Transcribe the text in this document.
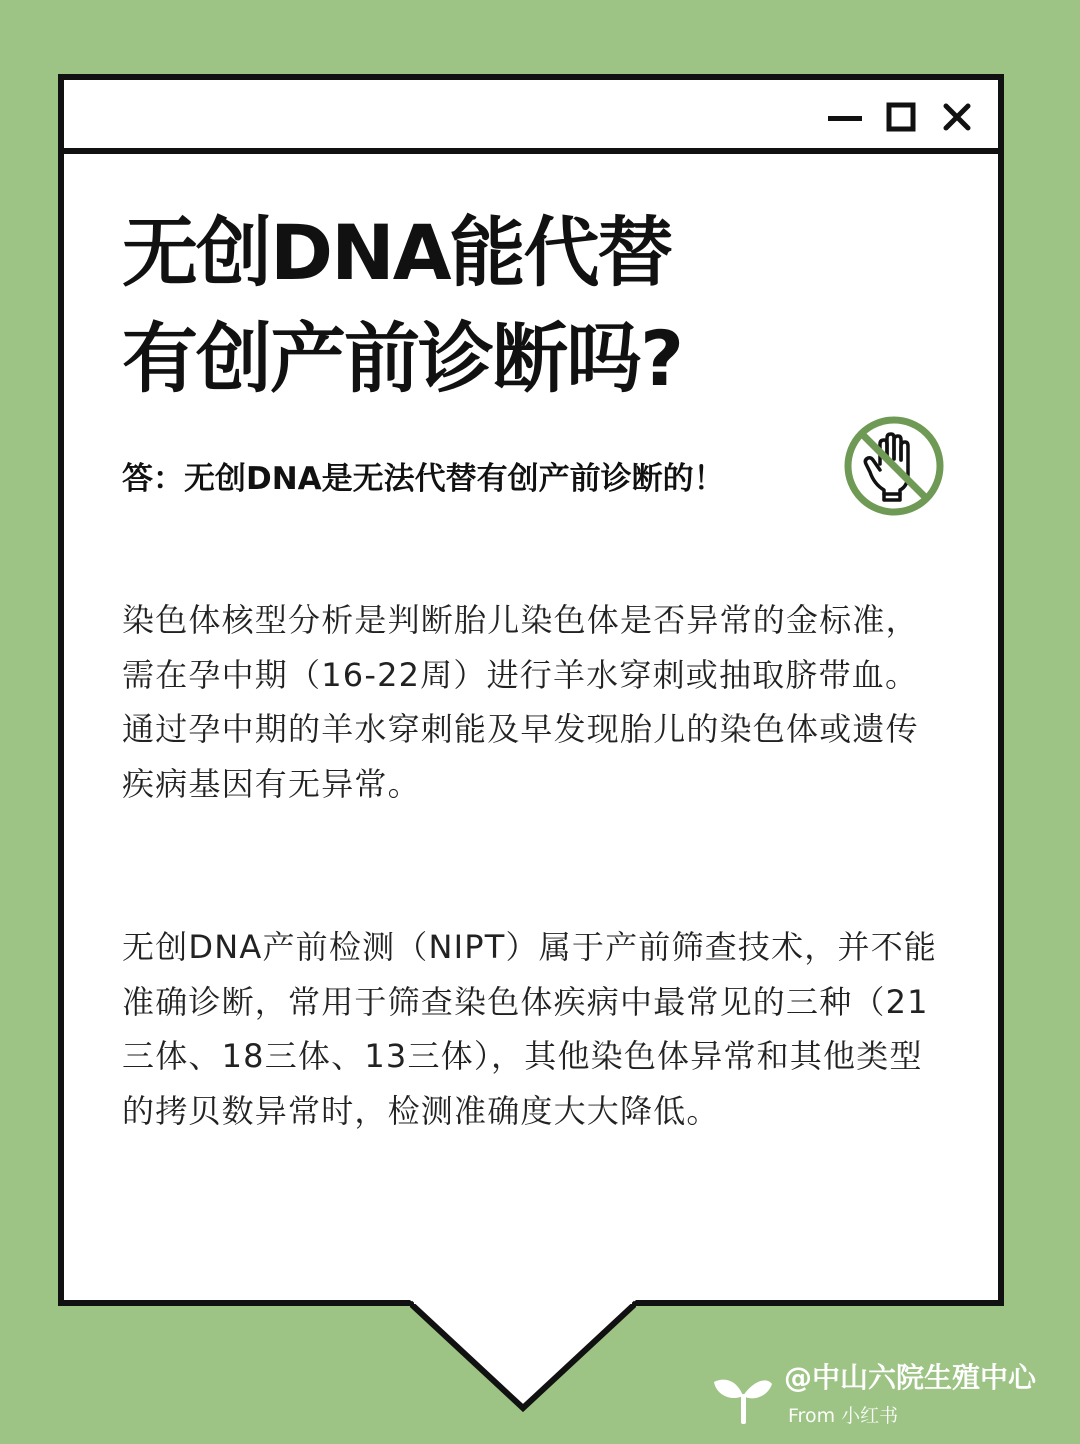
无创DNA能代替
有创产前诊断吗?
答：无创DNA是无法代替有创产前诊断的！
染色体核型分析是判断胎儿染色体是否异常的金标准，需在孕中期（16-22周）进行羊水穿刺或抽取脐带血。通过孕中期的羊水穿刺能及早发现胎儿的染色体或遗传疾病基因有无异常。
无创DNA产前检测（NIPT）属于产前筛查技术，并不能准确诊断，常用于筛查染色体疾病中最常见的三种（21三体、18三体、13三体），其他染色体异常和其他类型的拷贝数异常时，检测准确度大大降低。
@中山六院生殖中心
From 小红书
